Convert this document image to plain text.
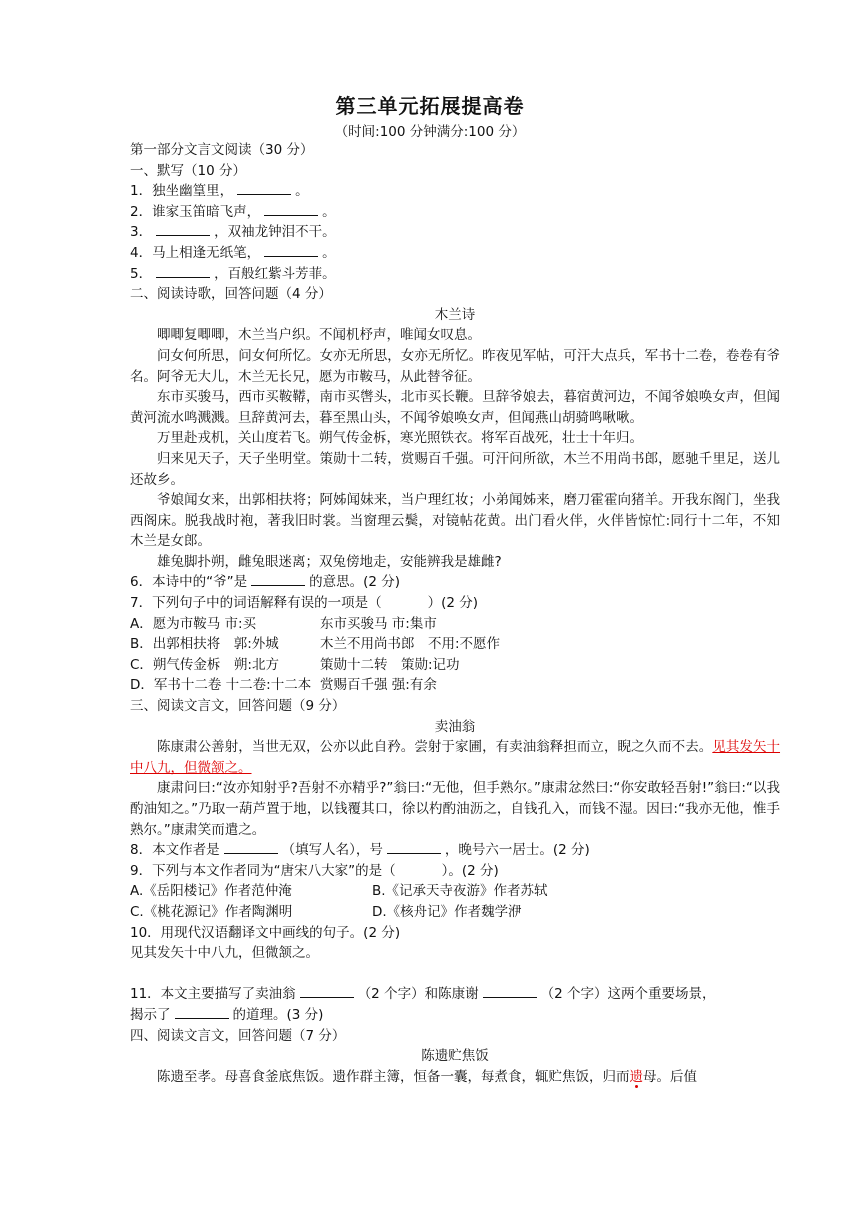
第三单元拓展提高卷
（时间:100 分钟满分:100 分）
第一部分文言文阅读（30 分）
一、默写（10 分）
1．独坐幽篁里，	。
2．谁家玉笛暗飞声，	。
3．	，双袖龙钟泪不干。
4．马上相逢无纸笔，	。
5．	，百般红紫斗芳菲。
二、阅读诗歌，回答问题（4 分）
木兰诗
唧唧复唧唧，木兰当户织。不闻机杼声，唯闻女叹息。
问女何所思，问女何所忆。女亦无所思，女亦无所忆。昨夜见军帖，可汗大点兵，军书十二卷，卷卷有爷名。阿爷无大儿，木兰无长兄，愿为市鞍马，从此替爷征。
东市买骏马，西市买鞍鞯，南市买辔头，北市买长鞭。旦辞爷娘去，暮宿黄河边，不闻爷娘唤女声，但闻黄河流水鸣溅溅。旦辞黄河去，暮至黑山头，不闻爷娘唤女声，但闻燕山胡骑鸣啾啾。
万里赴戎机，关山度若飞。朔气传金柝，寒光照铁衣。将军百战死，壮士十年归。
归来见天子，天子坐明堂。策勋十二转，赏赐百千强。可汗问所欲，木兰不用尚书郎，愿驰千里足，送儿还故乡。
爷娘闻女来，出郭相扶将；阿姊闻妹来，当户理红妆；小弟闻姊来，磨刀霍霍向猪羊。开我东阁门，坐我西阁床。脱我战时袍，著我旧时裳。当窗理云鬓，对镜帖花黄。出门看火伴，火伴皆惊忙:同行十二年，不知木兰是女郎。
雄兔脚扑朔，雌兔眼迷离；双兔傍地走，安能辨我是雄雌?
6．本诗中的“爷”是	的意思。(2 分)
7．下列句子中的词语解释有误的一项是（	）(2 分)
A．愿为市鞍马 市:买	东市买骏马 市:集市
B．出郭相扶将　郭:外城	木兰不用尚书郎　不用:不愿作
C．朔气传金柝　朔:北方	策勋十二转　策勋:记功
D．军书十二卷 十二卷:十二本 赏赐百千强 强:有余
三、阅读文言文，回答问题（9 分）
卖油翁
陈康肃公善射，当世无双，公亦以此自矜。尝射于家圃，有卖油翁释担而立，睨之久而不去。见其发矢十中八九，但微颔之。
康肃问曰:“汝亦知射乎?吾射不亦精乎?”翁曰:“无他，但手熟尔。”康肃忿然曰:“你安敢轻吾射!”翁曰:“以我酌油知之。”乃取一葫芦置于地，以钱覆其口，徐以杓酌油沥之，自钱孔入，而钱不湿。因曰:“我亦无他，惟手熟尔。”康肃笑而遣之。
8．本文作者是	（填写人名），号	，晚号六一居士。(2 分)
9．下列与本文作者同为“唐宋八大家”的是（	）。(2 分)
A.《岳阳楼记》作者范仲淹	B.《记承天寺夜游》作者苏轼
C.《桃花源记》作者陶渊明	D.《核舟记》作者魏学洢
10．用现代汉语翻译文中画线的句子。(2 分)
见其发矢十中八九，但微颔之。
11．本文主要描写了卖油翁	（2 个字）和陈康谢	（2 个字）这两个重要场景，
揭示了	的道理。(3 分)
四、阅读文言文，回答问题（7 分）
陈遗贮焦饭
陈遗至孝。母喜食釜底焦饭。遗作群主簿，恒备一囊，每煮食，辄贮焦饭，归而遗母。后值
